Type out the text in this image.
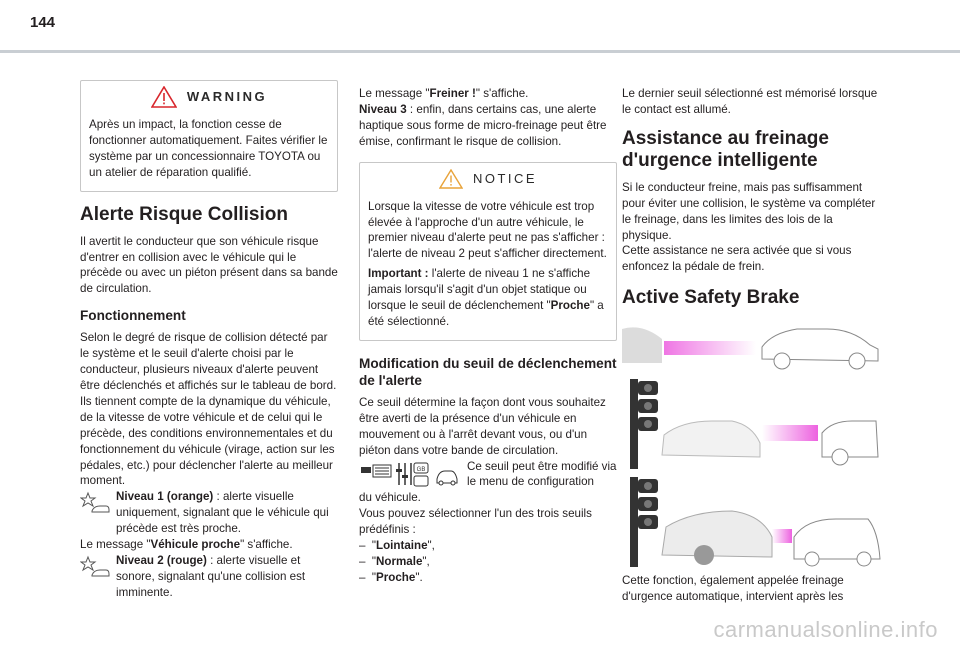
144
WARNING

Après un impact, la fonction cesse de fonctionner automatiquement. Faites vérifier le système par un concessionnaire TOYOTA ou un atelier de réparation qualifié.

Alerte Risque Collision

Il avertit le conducteur que son véhicule risque d'entrer en collision avec le véhicule qui le précède ou avec un piéton présent dans sa bande de circulation.

Fonctionnement

Selon le degré de risque de collision détecté par le système et le seuil d'alerte choisi par le conducteur, plusieurs niveaux d'alerte peuvent être déclenchés et affichés sur le tableau de bord.

Ils tiennent compte de la dynamique du véhicule, de la vitesse de votre véhicule et de celui qui le précède, des conditions environnementales et du fonctionnement du véhicule (virage, action sur les pédales, etc.) pour déclencher l'alerte au meilleur moment.

Niveau 1 (orange) : alerte visuelle uniquement, signalant que le véhicule qui précède est très proche.

Le message "Véhicule proche" s'affiche.

Niveau 2 (rouge) : alerte visuelle et sonore, signalant qu'une collision est imminente.

Le message "Freiner !" s'affiche.

Niveau 3 : enfin, dans certains cas, une alerte haptique sous forme de micro-freinage peut être émise, confirmant le risque de collision.

NOTICE

Lorsque la vitesse de votre véhicule est trop élevée à l'approche d'un autre véhicule, le premier niveau d'alerte peut ne pas s'afficher : l'alerte de niveau 2 peut s'afficher directement.

Important : l'alerte de niveau 1 ne s'affiche jamais lorsqu'il s'agit d'un objet statique ou lorsque le seuil de déclenchement "Proche" a été sélectionné.

Modification du seuil de déclenchement de l'alerte

Ce seuil détermine la façon dont vous souhaitez être averti de la présence d'un véhicule en mouvement ou à l'arrêt devant vous, ou d'un piéton dans votre bande de circulation.

GB	Ce seuil peut être modifié via le menu de configuration

du véhicule.

Vous pouvez sélectionner l'un des trois seuils prédéfinis :

–  "Lointaine",

–  "Normale",

–  "Proche".

Le dernier seuil sélectionné est mémorisé lorsque le contact est allumé.

Assistance au freinage d'urgence intelligente

Si le conducteur freine, mais pas suffisamment pour éviter une collision, le système va compléter le freinage, dans les limites des lois de la physique.

Cette assistance ne sera activée que si vous enfoncez la pédale de frein.

Active Safety Brake

Cette fonction, également appelée freinage d'urgence automatique, intervient après les

carmanualsonline.info
